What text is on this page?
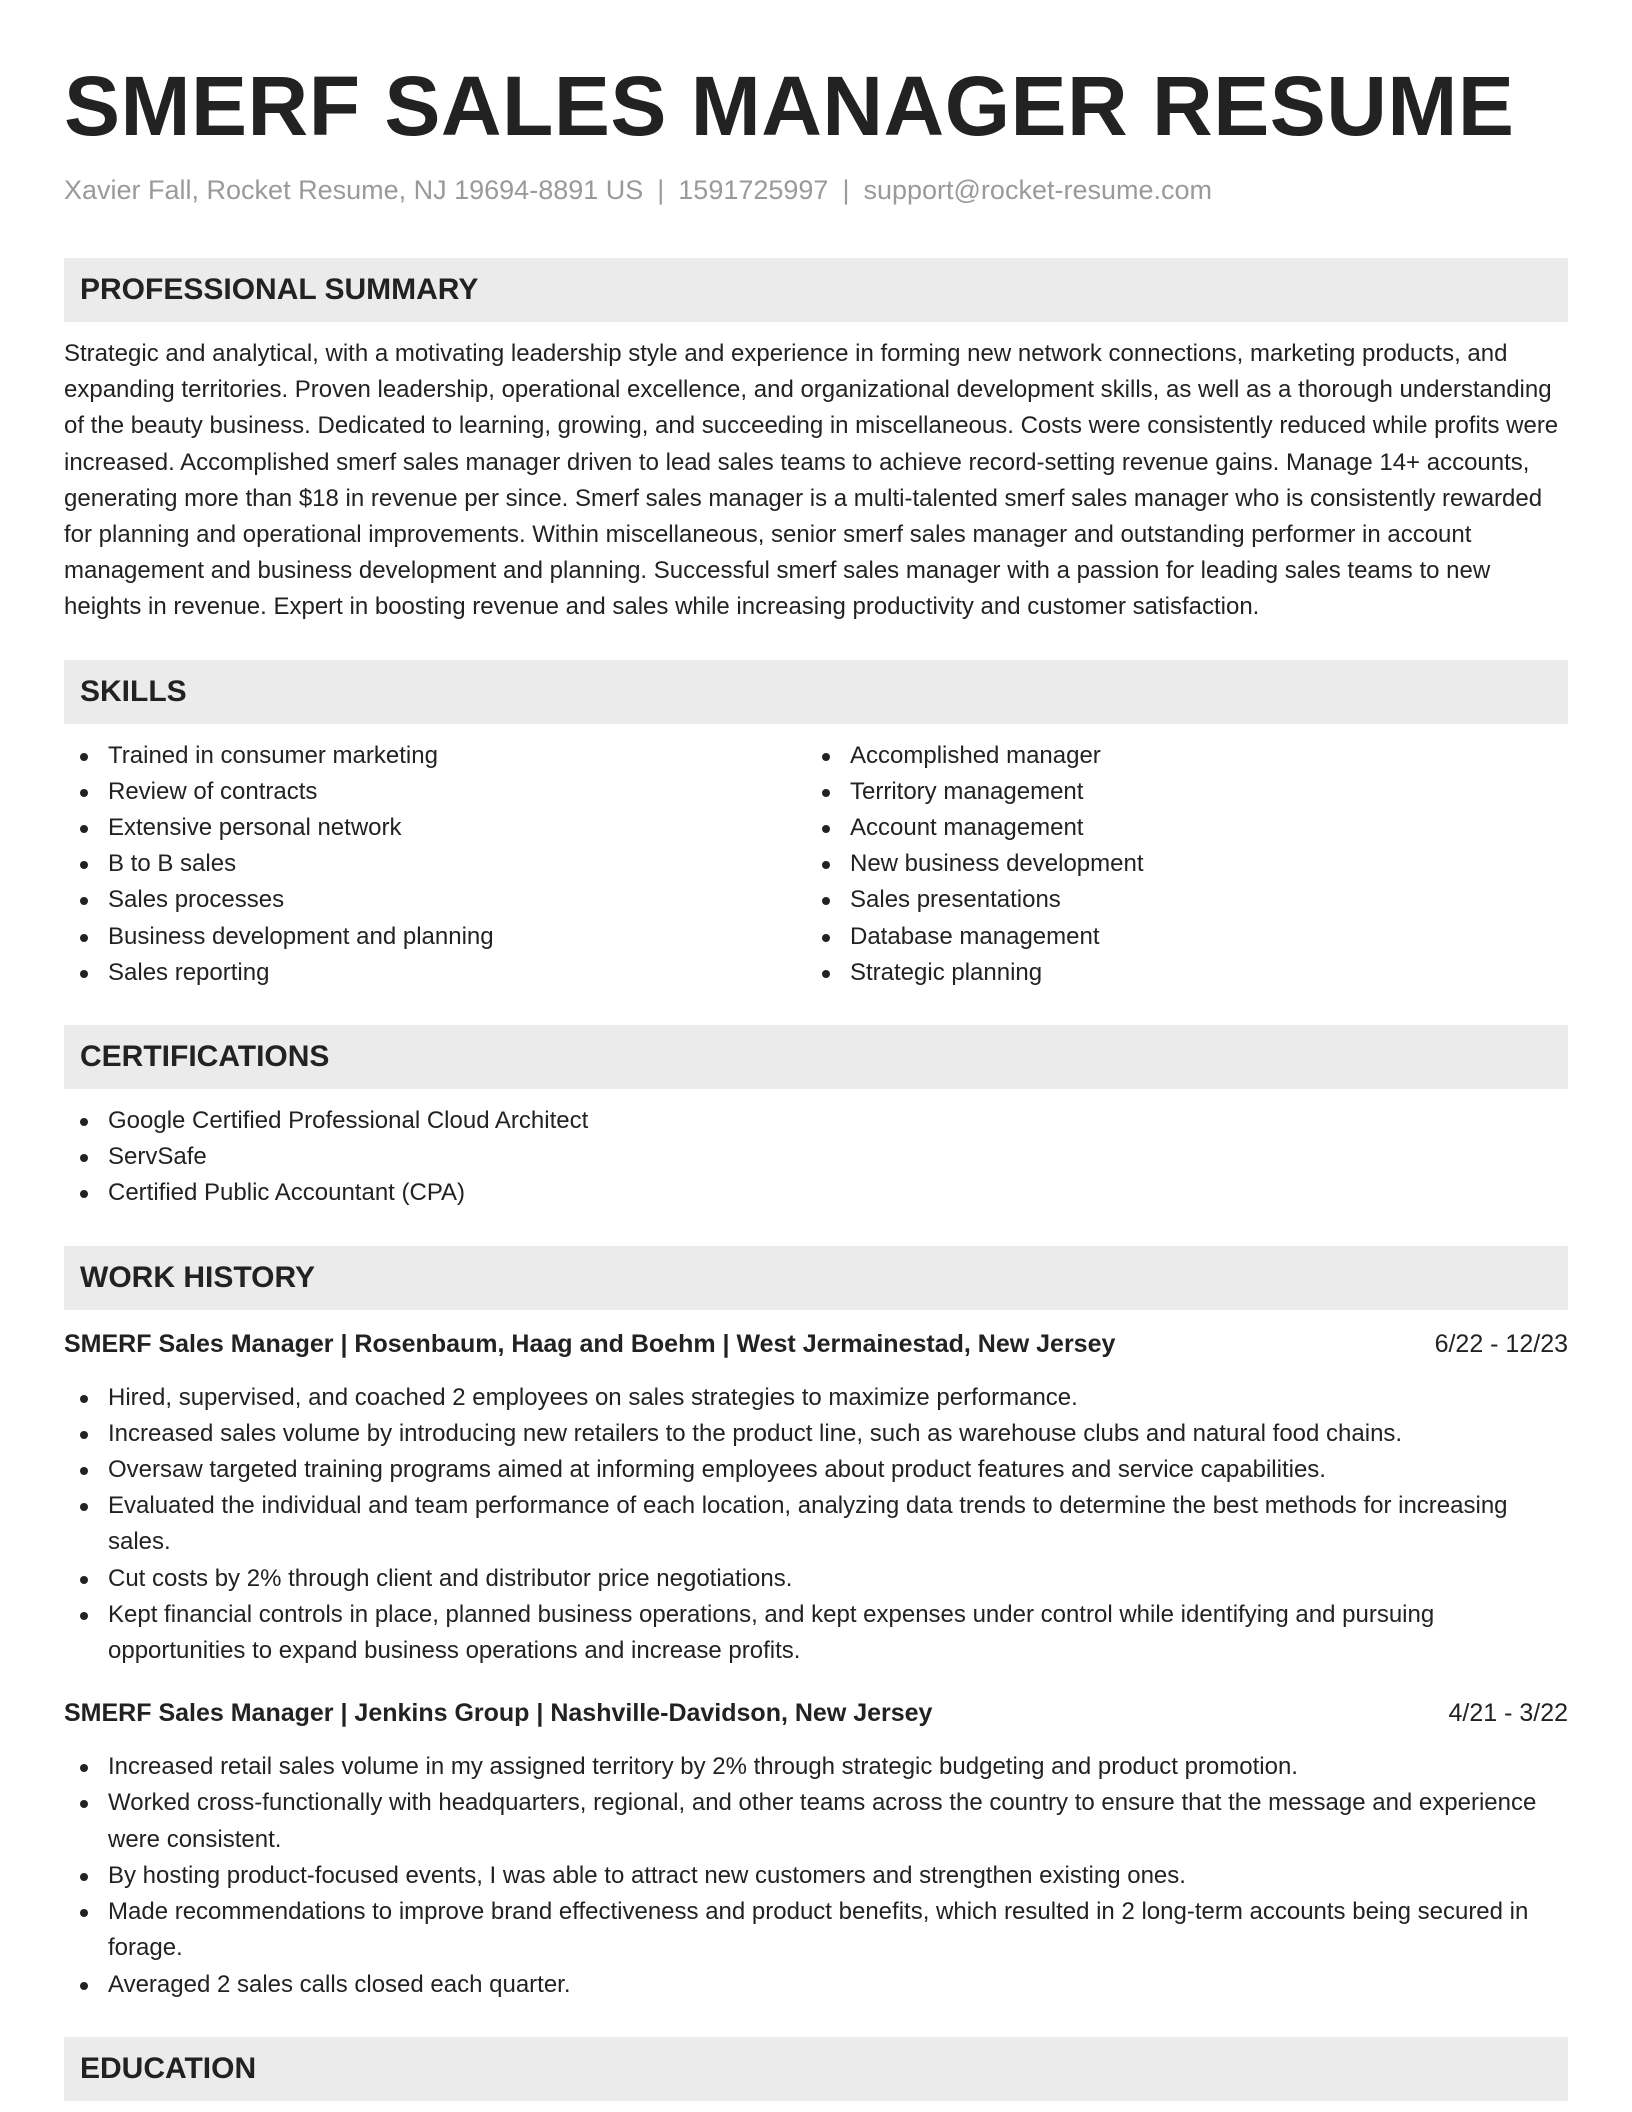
SMERF SALES MANAGER RESUME
Xavier Fall, Rocket Resume, NJ 19694-8891 US | 1591725997 | support@rocket-resume.com
PROFESSIONAL SUMMARY
Strategic and analytical, with a motivating leadership style and experience in forming new network connections, marketing products, and expanding territories. Proven leadership, operational excellence, and organizational development skills, as well as a thorough understanding of the beauty business. Dedicated to learning, growing, and succeeding in miscellaneous. Costs were consistently reduced while profits were increased. Accomplished smerf sales manager driven to lead sales teams to achieve record-setting revenue gains. Manage 14+ accounts, generating more than $18 in revenue per since. Smerf sales manager is a multi-talented smerf sales manager who is consistently rewarded for planning and operational improvements. Within miscellaneous, senior smerf sales manager and outstanding performer in account management and business development and planning. Successful smerf sales manager with a passion for leading sales teams to new heights in revenue. Expert in boosting revenue and sales while increasing productivity and customer satisfaction.
SKILLS
Trained in consumer marketing
Review of contracts
Extensive personal network
B to B sales
Sales processes
Business development and planning
Sales reporting
Accomplished manager
Territory management
Account management
New business development
Sales presentations
Database management
Strategic planning
CERTIFICATIONS
Google Certified Professional Cloud Architect
ServSafe
Certified Public Accountant (CPA)
WORK HISTORY
SMERF Sales Manager | Rosenbaum, Haag and Boehm | West Jermainestad, New Jersey	6/22 - 12/23
Hired, supervised, and coached 2 employees on sales strategies to maximize performance.
Increased sales volume by introducing new retailers to the product line, such as warehouse clubs and natural food chains.
Oversaw targeted training programs aimed at informing employees about product features and service capabilities.
Evaluated the individual and team performance of each location, analyzing data trends to determine the best methods for increasing sales.
Cut costs by 2% through client and distributor price negotiations.
Kept financial controls in place, planned business operations, and kept expenses under control while identifying and pursuing opportunities to expand business operations and increase profits.
SMERF Sales Manager | Jenkins Group | Nashville-Davidson, New Jersey	4/21 - 3/22
Increased retail sales volume in my assigned territory by 2% through strategic budgeting and product promotion.
Worked cross-functionally with headquarters, regional, and other teams across the country to ensure that the message and experience were consistent.
By hosting product-focused events, I was able to attract new customers and strengthen existing ones.
Made recommendations to improve brand effectiveness and product benefits, which resulted in 2 long-term accounts being secured in forage.
Averaged 2 sales calls closed each quarter.
EDUCATION
